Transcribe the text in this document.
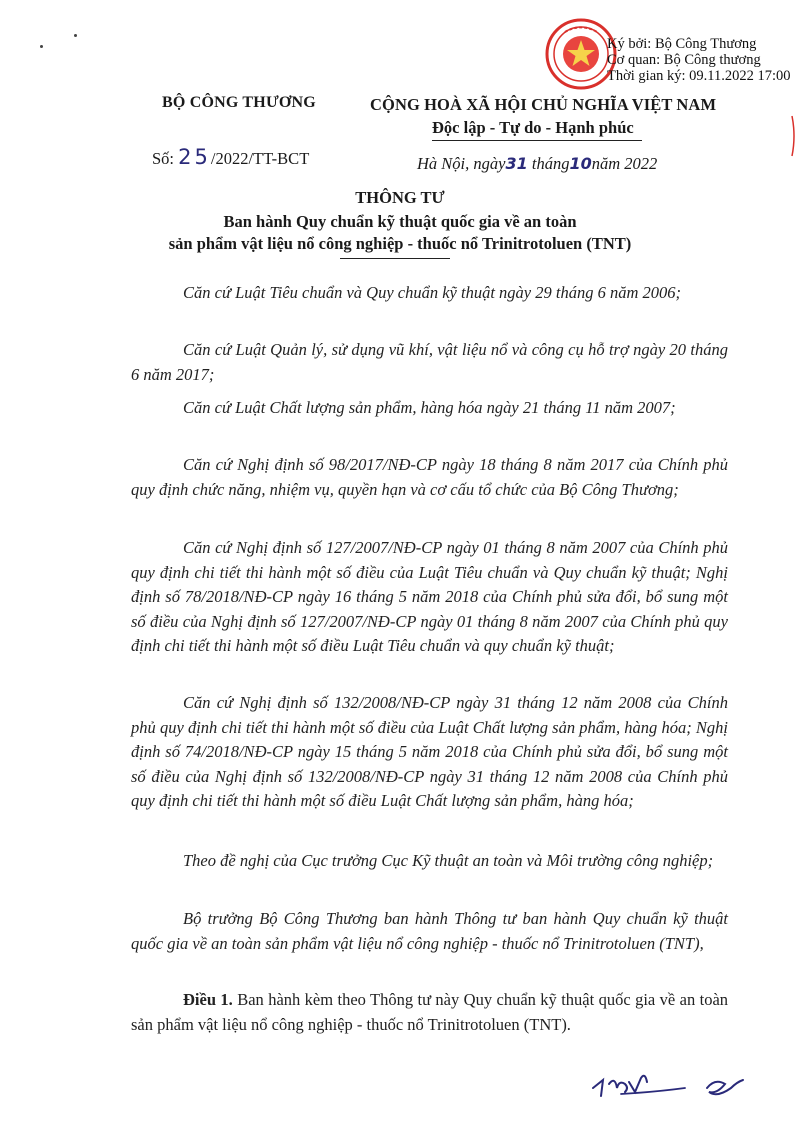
Ký bởi: Bộ Công Thương
Cơ quan: Bộ Công thương
Thời gian ký: 09.11.2022 17:00
BỘ CÔNG THƯƠNG	CỘNG HOÀ XÃ HỘI CHỦ NGHĨA VIỆT NAM
Độc lập - Tự do - Hạnh phúc
Số: 25/2022/TT-BCT	Hà Nội, ngày31 tháng10năm 2022
THÔNG TƯ
Ban hành Quy chuẩn kỹ thuật quốc gia về an toàn
sản phẩm vật liệu nổ công nghiệp - thuốc nổ Trinitrotoluen (TNT)
Căn cứ Luật Tiêu chuẩn và Quy chuẩn kỹ thuật ngày 29 tháng 6 năm 2006;
Căn cứ Luật Quản lý, sử dụng vũ khí, vật liệu nổ và công cụ hỗ trợ ngày 20 tháng 6 năm 2017;
Căn cứ Luật Chất lượng sản phẩm, hàng hóa ngày 21 tháng 11 năm 2007;
Căn cứ Nghị định số 98/2017/NĐ-CP ngày 18 tháng 8 năm 2017 của Chính phủ quy định chức năng, nhiệm vụ, quyền hạn và cơ cấu tổ chức của Bộ Công Thương;
Căn cứ Nghị định số 127/2007/NĐ-CP ngày 01 tháng 8 năm 2007 của Chính phủ quy định chi tiết thi hành một số điều của Luật Tiêu chuẩn và Quy chuẩn kỹ thuật; Nghị định số 78/2018/NĐ-CP ngày 16 tháng 5 năm 2018 của Chính phủ sửa đổi, bổ sung một số điều của Nghị định số 127/2007/NĐ-CP ngày 01 tháng 8 năm 2007 của Chính phủ quy định chi tiết thi hành một số điều Luật Tiêu chuẩn và quy chuẩn kỹ thuật;
Căn cứ Nghị định số 132/2008/NĐ-CP ngày 31 tháng 12 năm 2008 của Chính phủ quy định chi tiết thi hành một số điều của Luật Chất lượng sản phẩm, hàng hóa; Nghị định số 74/2018/NĐ-CP ngày 15 tháng 5 năm 2018 của Chính phủ sửa đổi, bổ sung một số điều của Nghị định số 132/2008/NĐ-CP ngày 31 tháng 12 năm 2008 của Chính phủ quy định chi tiết thi hành một số điều Luật Chất lượng sản phẩm, hàng hóa;
Theo đề nghị của Cục trưởng Cục Kỹ thuật an toàn và Môi trường công nghiệp;
Bộ trưởng Bộ Công Thương ban hành Thông tư ban hành Quy chuẩn kỹ thuật quốc gia về an toàn sản phẩm vật liệu nổ công nghiệp - thuốc nổ Trinitrotoluen (TNT),
Điều 1. Ban hành kèm theo Thông tư này Quy chuẩn kỹ thuật quốc gia về an toàn sản phẩm vật liệu nổ công nghiệp - thuốc nổ Trinitrotoluen (TNT).
